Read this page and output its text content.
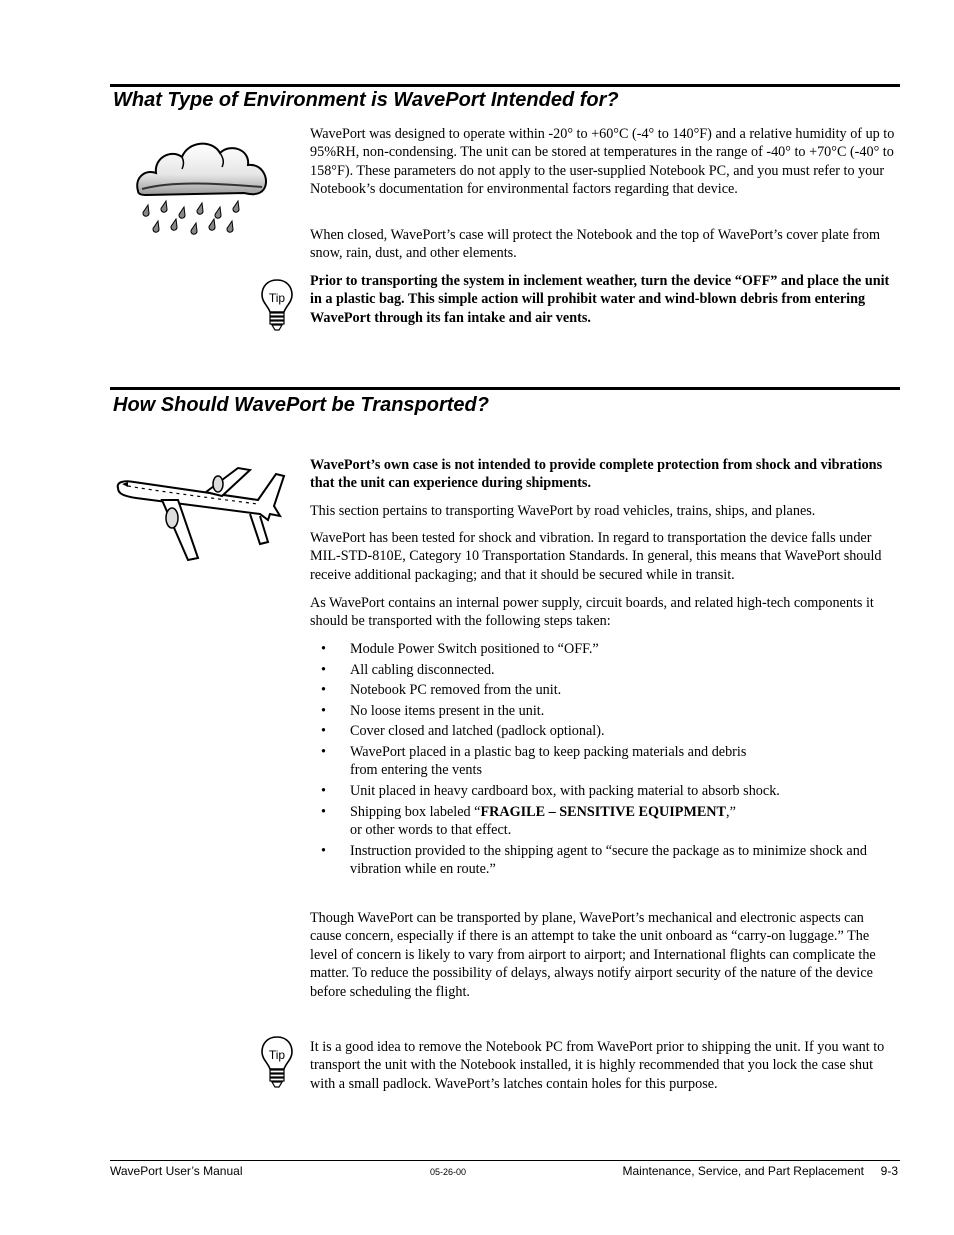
What Type of Environment is WavePort Intended for?

WavePort was designed to operate within -20° to +60°C (-4° to 140°F) and a relative humidity of up to 95%RH, non-condensing. The unit can be stored at temperatures in the range of -40° to +70°C (-40° to 158°F). These parameters do not apply to the user-supplied Notebook PC, and you must refer to your Notebook’s documentation for environmental factors regarding that device.

When closed, WavePort’s case will protect the Notebook and the top of WavePort’s cover plate from snow, rain, dust, and other elements.

Tip

Prior to transporting the system in inclement weather, turn the device “OFF” and place the unit in a plastic bag. This simple action will prohibit water and wind-blown debris from entering WavePort through its fan intake and air vents.

How Should WavePort be Transported?

WavePort’s own case is not intended to provide complete protection from shock and vibrations that the unit can experience during shipments.

This section pertains to transporting WavePort by road vehicles, trains, ships, and planes.

WavePort has been tested for shock and vibration. In regard to transportation the device falls under MIL-STD-810E, Category 10 Transportation Standards. In general, this means that WavePort should receive additional packaging; and that it should be secured while in transit.

As WavePort contains an internal power supply, circuit boards, and related high-tech components it should be transported with the following steps taken:

• Module Power Switch positioned to “OFF.”
• All cabling disconnected.
• Notebook PC removed from the unit.
• No loose items present in the unit.
• Cover closed and latched (padlock optional).
• WavePort placed in a plastic bag to keep packing materials and debris
from entering the vents
• Unit placed in heavy cardboard box, with packing material to absorb shock.
• Shipping box labeled “FRAGILE – SENSITIVE EQUIPMENT,”
or other words to that effect.
• Instruction provided to the shipping agent to “secure the package as to minimize shock and vibration while en route.”

Though WavePort can be transported by plane, WavePort’s mechanical and electronic aspects can cause concern, especially if there is an attempt to take the unit onboard as “carry-on luggage.” The level of concern is likely to vary from airport to airport; and International flights can complicate the matter. To reduce the possibility of delays, always notify airport security of the nature of the device before scheduling the flight.

Tip It is a good idea to remove the Notebook PC from WavePort prior to shipping the unit. If you want to transport the unit with the Notebook installed, it is highly recommended that you lock the case shut with a small padlock. WavePort’s latches contain holes for this purpose.

WavePort User’s Manual	05-26-00	Maintenance, Service, and Part Replacement     9-3
